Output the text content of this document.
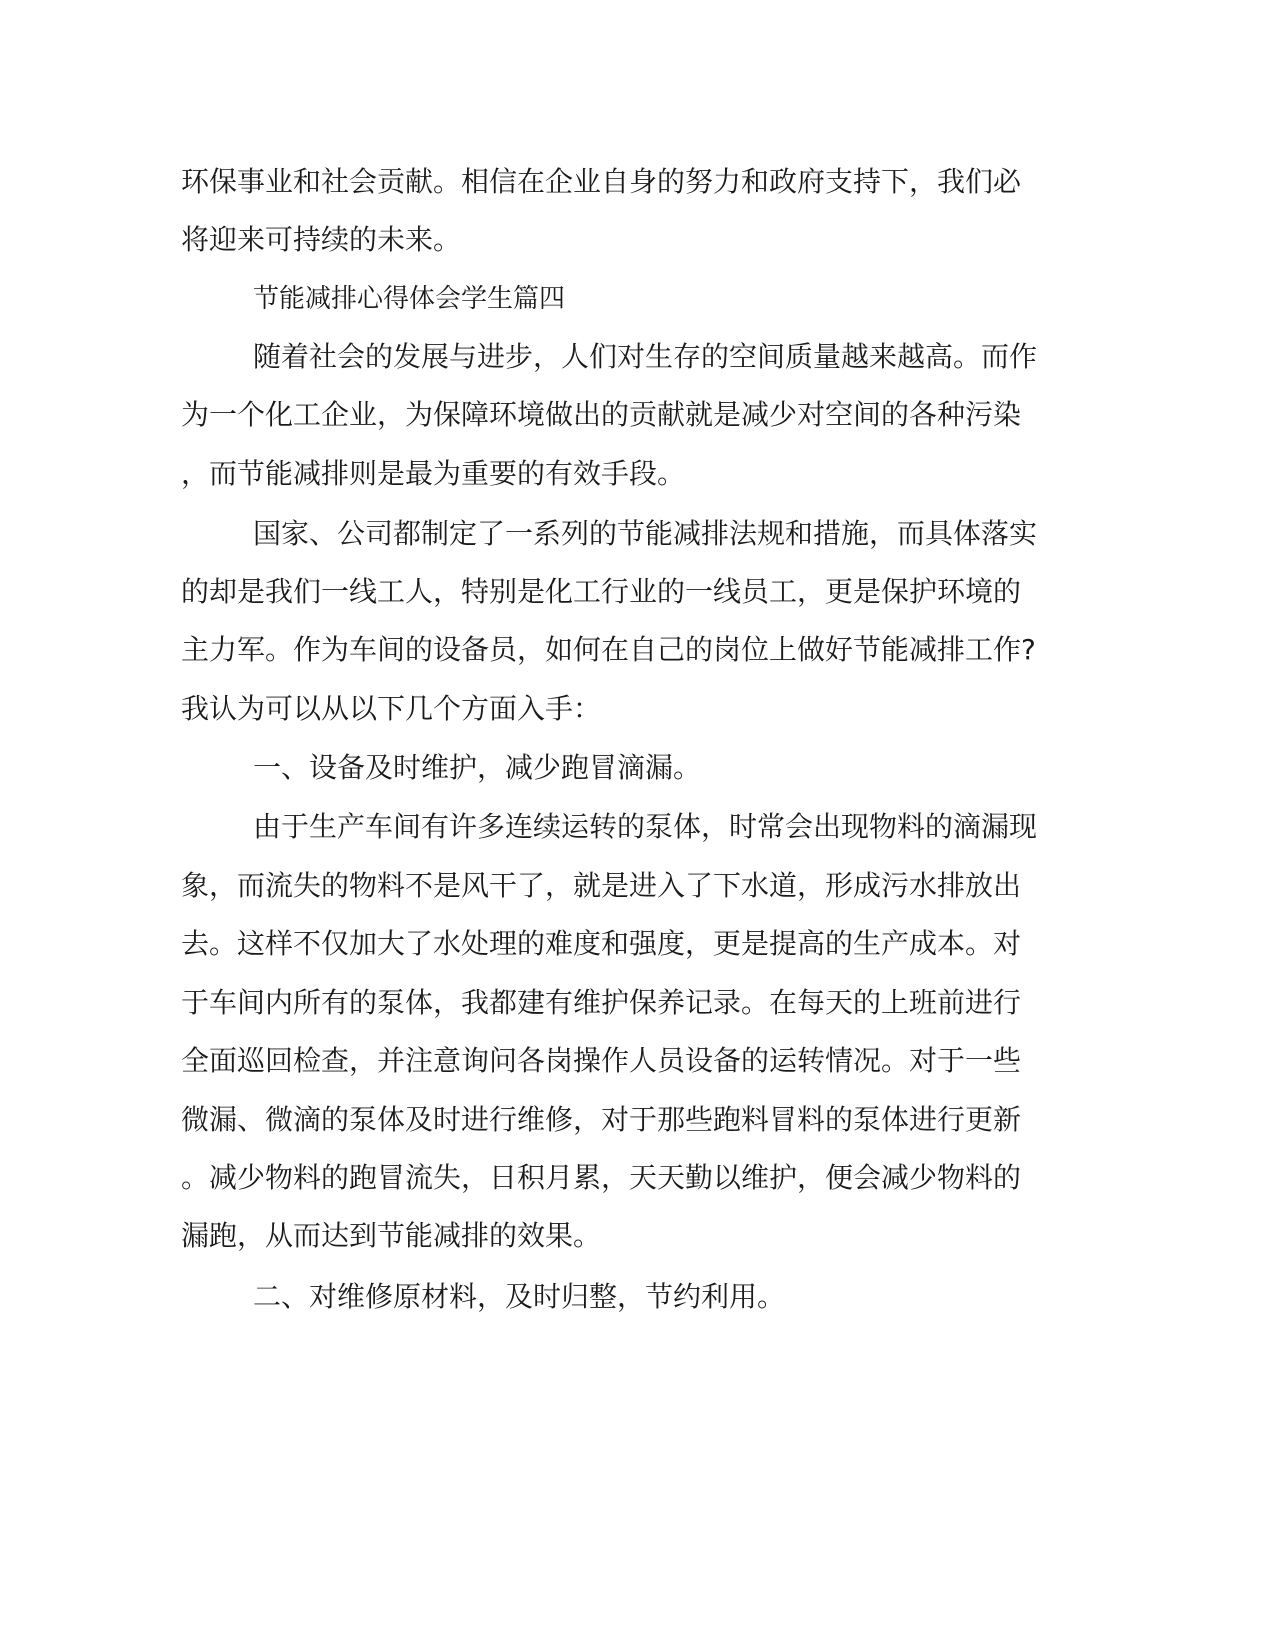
环保事业和社会贡献。相信在企业自身的努力和政府支持下，我们必
将迎来可持续的未来。
节能减排心得体会学生篇四
随着社会的发展与进步，人们对生存的空间质量越来越高。而作
为一个化工企业，为保障环境做出的贡献就是减少对空间的各种污染
，而节能减排则是最为重要的有效手段。
国家、公司都制定了一系列的节能减排法规和措施，而具体落实
的却是我们一线工人，特别是化工行业的一线员工，更是保护环境的
主力军。作为车间的设备员，如何在自己的岗位上做好节能减排工作?
我认为可以从以下几个方面入手：
一、设备及时维护，减少跑冒滴漏。
由于生产车间有许多连续运转的泵体，时常会出现物料的滴漏现
象，而流失的物料不是风干了，就是进入了下水道，形成污水排放出
去。这样不仅加大了水处理的难度和强度，更是提高的生产成本。对
于车间内所有的泵体，我都建有维护保养记录。在每天的上班前进行
全面巡回检查，并注意询问各岗操作人员设备的运转情况。对于一些
微漏、微滴的泵体及时进行维修，对于那些跑料冒料的泵体进行更新
。减少物料的跑冒流失，日积月累，天天勤以维护，便会减少物料的
漏跑，从而达到节能减排的效果。
二、对维修原材料，及时归整，节约利用。
